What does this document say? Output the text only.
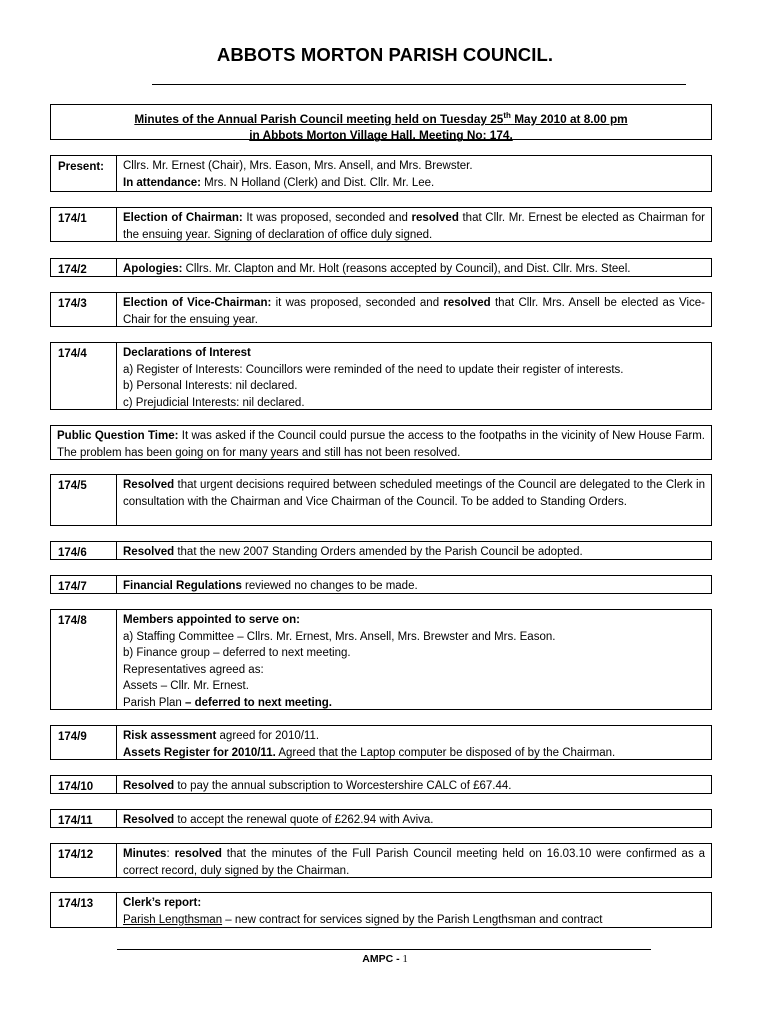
ABBOTS MORTON PARISH COUNCIL.
Minutes of the Annual Parish Council meeting held on Tuesday 25th May 2010 at 8.00 pm
in Abbots Morton Village Hall. Meeting No: 174.
Present:	Cllrs. Mr. Ernest (Chair), Mrs. Eason, Mrs. Ansell, and Mrs. Brewster.
In attendance: Mrs. N Holland (Clerk) and Dist. Cllr. Mr. Lee.
174/1	Election of Chairman: It was proposed, seconded and resolved that Cllr. Mr. Ernest be elected as Chairman for the ensuing year. Signing of declaration of office duly signed.
174/2	Apologies: Cllrs. Mr. Clapton and Mr. Holt (reasons accepted by Council), and Dist. Cllr. Mrs. Steel.
174/3	Election of Vice-Chairman: it was proposed, seconded and resolved that Cllr. Mrs. Ansell be elected as Vice-Chair for the ensuing year.
174/4	Declarations of Interest
a) Register of Interests: Councillors were reminded of the need to update their register of interests.
b) Personal Interests: nil declared.
c) Prejudicial Interests: nil declared.
Public Question Time: It was asked if the Council could pursue the access to the footpaths in the vicinity of New House Farm. The problem has been going on for many years and still has not been resolved.
174/5	Resolved that urgent decisions required between scheduled meetings of the Council are delegated to the Clerk in consultation with the Chairman and Vice Chairman of the Council. To be added to Standing Orders.
174/6	Resolved that the new 2007 Standing Orders amended by the Parish Council be adopted.
174/7	Financial Regulations reviewed no changes to be made.
174/8	Members appointed to serve on:
a) Staffing Committee – Cllrs. Mr. Ernest, Mrs. Ansell, Mrs. Brewster and Mrs. Eason.
b) Finance group – deferred to next meeting.
Representatives agreed as:
Assets – Cllr. Mr. Ernest.
Parish Plan – deferred to next meeting.
174/9	Risk assessment agreed for 2010/11.
Assets Register for 2010/11. Agreed that the Laptop computer be disposed of by the Chairman.
174/10	Resolved to pay the annual subscription to Worcestershire CALC of £67.44.
174/11	Resolved to accept the renewal quote of £262.94 with Aviva.
174/12	Minutes: resolved that the minutes of the Full Parish Council meeting held on 16.03.10 were confirmed as a correct record, duly signed by the Chairman.
174/13	Clerk’s report:
Parish Lengthsman – new contract for services signed by the Parish Lengthsman and contract
AMPC - 1
